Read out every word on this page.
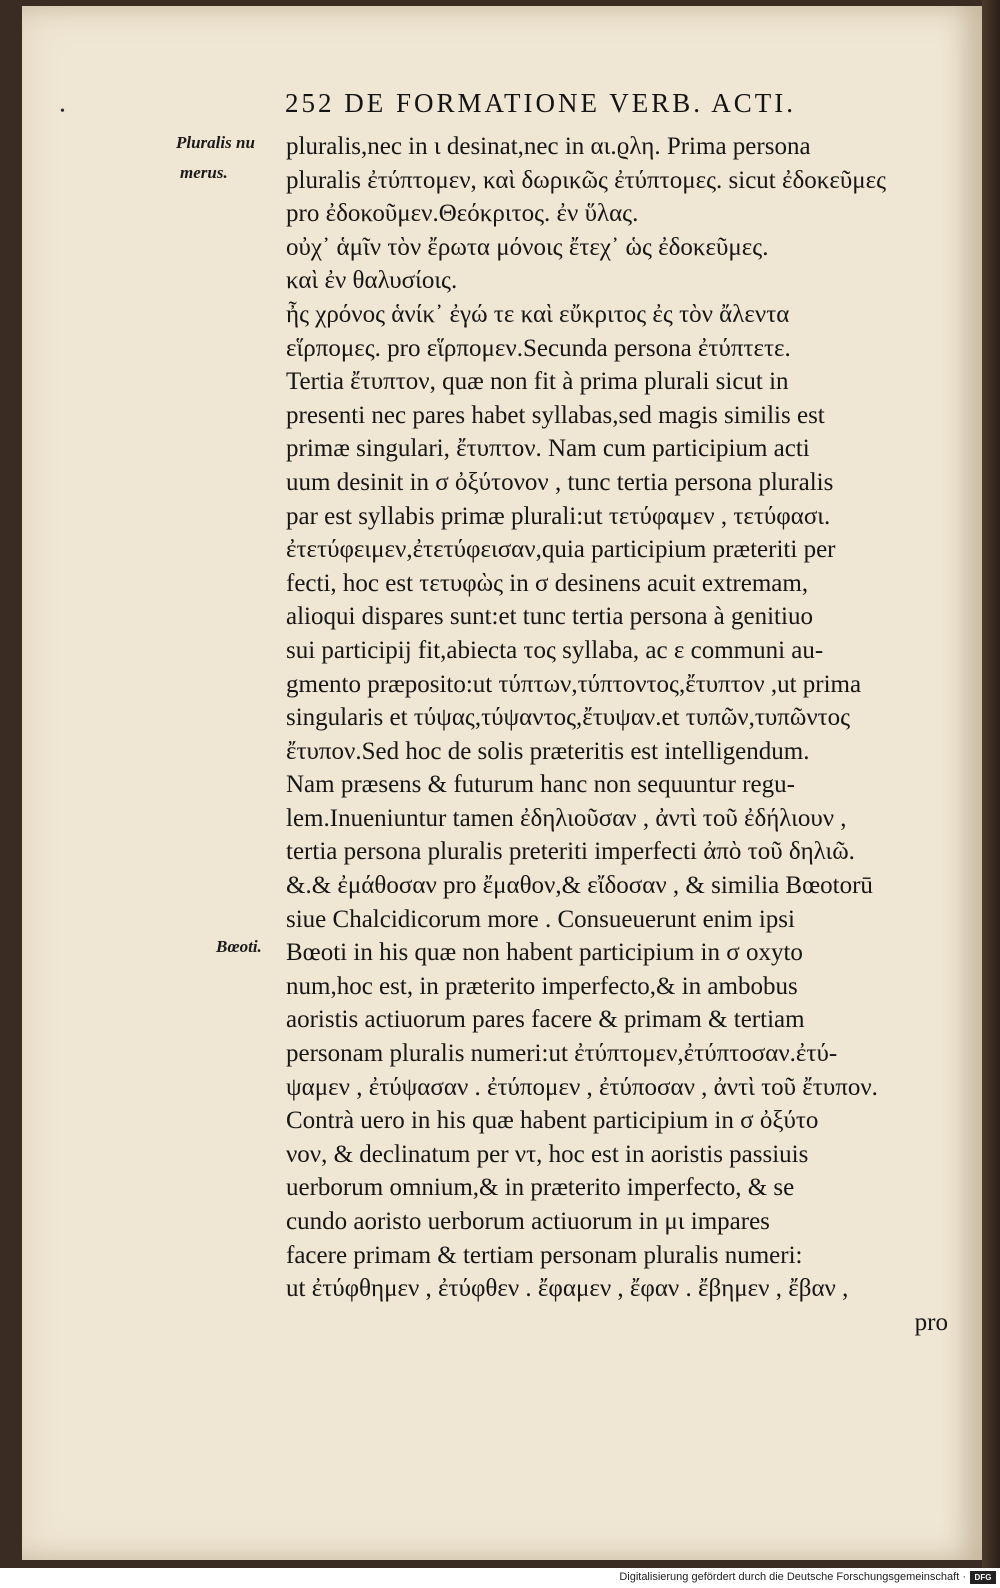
•	252 DE FORMATIONE VERB. ACTI.
Pluralis nu
merus.
Bœoti.
pluralis,nec in ι desinat,nec in αι.ϱλη. Prima persona
pluralis ἐτύπτομεν, καὶ δωρικῶς ἐτύπτομες. sicut ἐδοκεῦμες
pro ἐδοκοῦμεν.Θεόκριτος. ἐν ὕλας.
οὐχ᾽ ἁμῖν τὸν ἔρωτα μόνοις ἔτεχ᾽ ὡς ἐδοκεῦμες.
καὶ ἐν θαλυσίοις.
ἦς χρόνος ἁνίκ᾽ ἐγώ τε καὶ εὔκριτος ἐς τὸν ἄλεντα
εἵρπομες. pro εἵρπομεν.Secunda persona ἐτύπτετε.
Tertia ἔτυπτον, quæ non fit à prima plurali sicut in
presenti nec pares habet syllabas,sed magis similis est
primæ singulari, ἔτυπτον. Nam cum participium acti
uum desinit in σ ὀξύτονον , tunc tertia persona pluralis
par est syllabis primæ plurali:ut τετύφαμεν , τετύφασι.
ἐτετύφειμεν,ἐτετύφεισαν,quia participium præteriti per
fecti, hoc est τετυφὼς in σ desinens acuit extremam,
alioqui dispares sunt:et tunc tertia persona à genitiuo
sui participij fit,abiecta τος syllaba, ac ε communi au-
gmento præposito:ut τύπτων,τύπτοντος,ἔτυπτον ,ut prima
singularis et τύψας,τύψαντος,ἔτυψαν.et τυπῶν,τυπῶντος
ἔτυπον.Sed hoc de solis præteritis est intelligendum.
Nam præsens & futurum hanc non sequuntur regu-
lem.Inueniuntur tamen ἐδηλιοῦσαν , ἀντὶ τοῦ ἐδήλιουν ,
tertia persona pluralis preteriti imperfecti ἀπὸ τοῦ δηλιῶ.
&.& ἐμάθοσαν pro ἔμαθον,& εἴδοσαν , & similia Bœotorū
siue Chalcidicorum more . Consueuerunt enim ipsi
Bœoti in his quæ non habent participium in σ oxyto
num,hoc est, in præterito imperfecto,& in ambobus
aoristis actiuorum pares facere & primam & tertiam
personam pluralis numeri:ut ἐτύπτομεν,ἐτύπτοσαν.ἐτύ-
ψαμεν , ἐτύψασαν . ἐτύπομεν , ἐτύποσαν , ἀντὶ τοῦ ἔτυπον.
Contrà uero in his quæ habent participium in σ ὀξύτο
νον, & declinatum per ντ, hoc est in aoristis passiuis
uerborum omnium,& in præterito imperfecto, & se
cundo aoristo uerborum actiuorum in μι impares
facere primam & tertiam personam pluralis numeri:
ut ἐτύφθημεν , ἐτύφθεν . ἔφαμεν , ἔφαν . ἔβημεν , ἔβαν ,
pro
Digitalisierung gefördert durch die Deutsche Forschungsgemeinschaft ·	DFG
